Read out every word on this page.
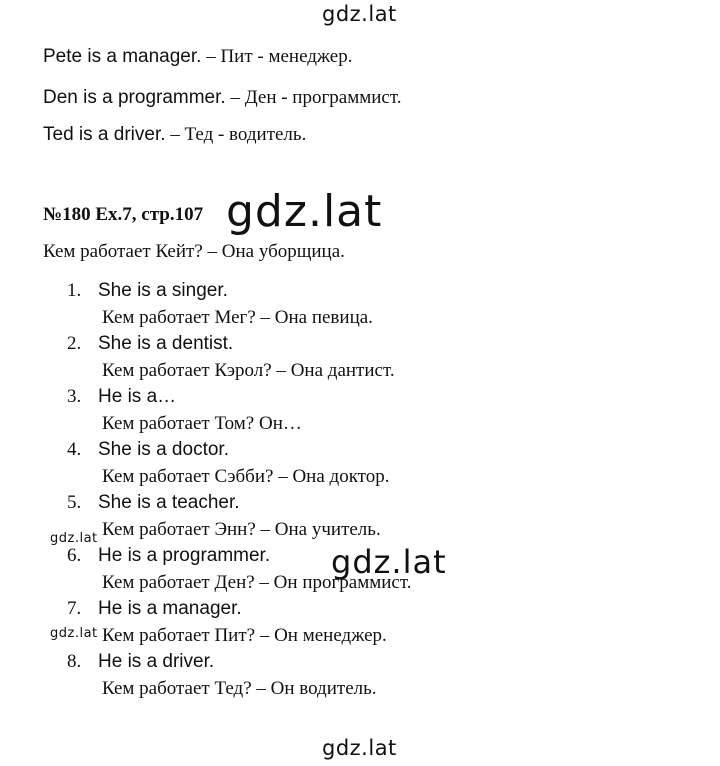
gdz.lat
Pete is a manager. – Пит - менеджер.
Den is a programmer. – Ден - программист.
Ted is a driver. – Тед - водитель.
№180 Ex.7, стр.107
Кем работает Кейт? – Она уборщица.
1. She is a singer.
Кем работает Мег? – Она певица.
2. She is a dentist.
Кем работает Кэрол? – Она дантист.
3. He is a…
Кем работает Том? Он…
4. She is a doctor.
Кем работает Сэбби? – Она доктор.
5. She is a teacher.
Кем работает Энн? – Она учитель.
6. He is a programmer.
Кем работает Ден? – Он программист.
7. He is a manager.
Кем работает Пит? – Он менеджер.
8. He is a driver.
Кем работает Тед? – Он водитель.
gdz.lat
gdz.lat
gdz.lat
gdz.lat
gdz.lat
